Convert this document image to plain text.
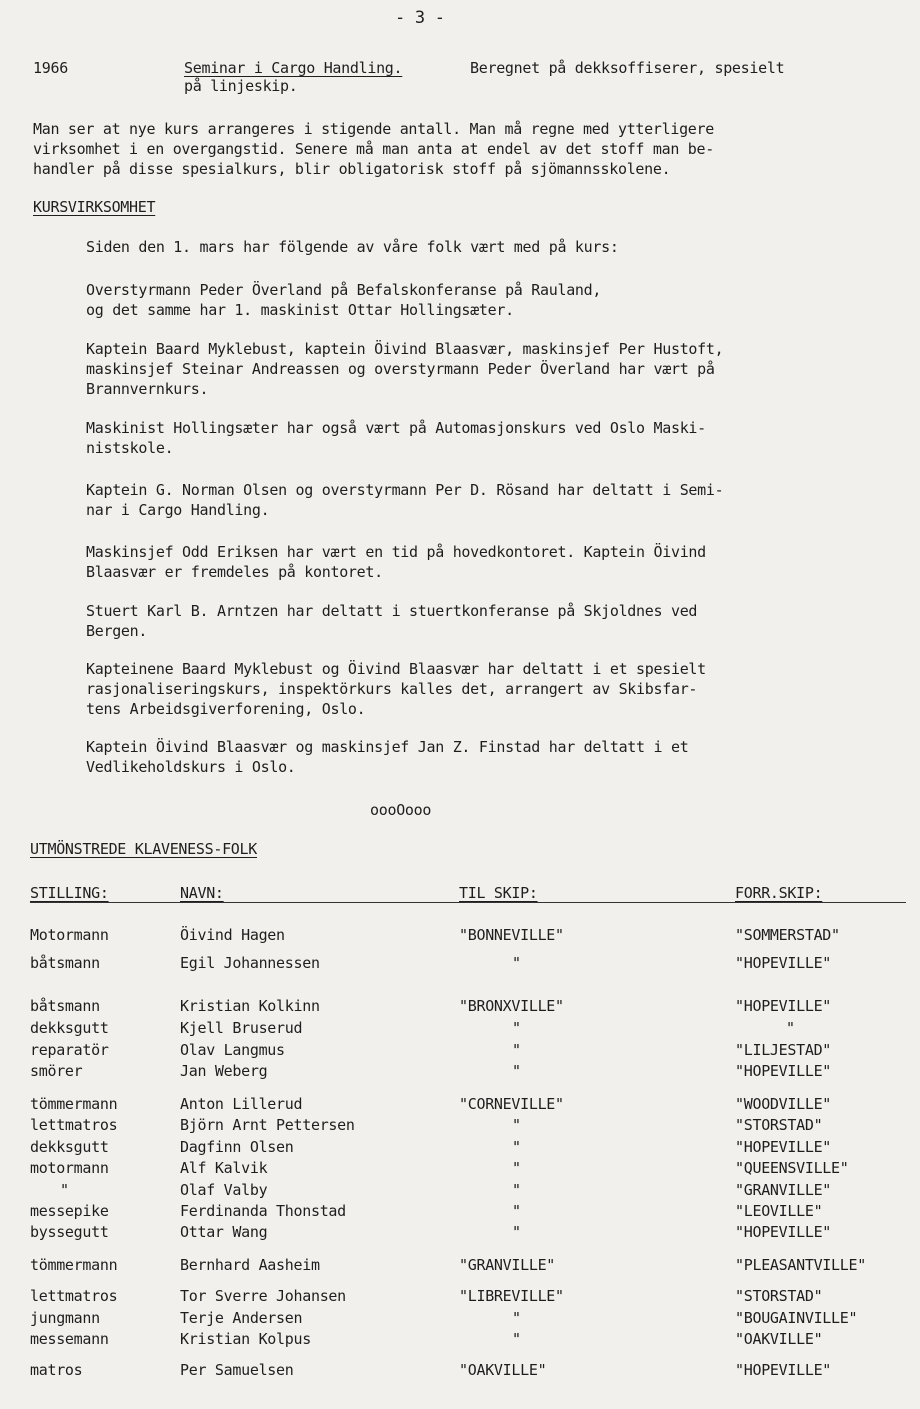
- 3 -
1966	Seminar i Cargo Handling.	Beregnet på dekksoffiserer, spesielt
på linjeskip.
Man ser at nye kurs arrangeres i stigende antall. Man må regne med ytterligere
virksomhet i en overgangstid. Senere må man anta at endel av det stoff man be-
handler på disse spesialkurs, blir obligatorisk stoff på sjömannsskolene.
KURSVIRKSOMHET
Siden den 1. mars har fölgende av våre folk vært med på kurs:
Overstyrmann Peder Överland på Befalskonferanse på Rauland,
og det samme har 1. maskinist Ottar Hollingsæter.
Kaptein Baard Myklebust, kaptein Öivind Blaasvær, maskinsjef Per Hustoft,
maskinsjef Steinar Andreassen og overstyrmann Peder Överland har vært på
Brannvernkurs.
Maskinist Hollingsæter har også vært på Automasjonskurs ved Oslo Maski-
nistskole.
Kaptein G. Norman Olsen og overstyrmann Per D. Rösand har deltatt i Semi-
nar i Cargo Handling.
Maskinsjef Odd Eriksen har vært en tid på hovedkontoret. Kaptein Öivind
Blaasvær er fremdeles på kontoret.
Stuert Karl B. Arntzen har deltatt i stuertkonferanse på Skjoldnes ved
Bergen.
Kapteinene Baard Myklebust og Öivind Blaasvær har deltatt i et spesielt
rasjonaliseringskurs, inspektörkurs kalles det, arrangert av Skibsfar-
tens Arbeidsgiverforening, Oslo.
Kaptein Öivind Blaasvær og maskinsjef Jan Z. Finstad har deltatt i et
Vedlikeholdskurs i Oslo.
oooOooo
UTMÖNSTREDE KLAVENESS-FOLK
STILLING:	NAVN:	TIL SKIP:	FORR.SKIP:
Motormann	Öivind Hagen	"BONNEVILLE"	"SOMMERSTAD"
båtsmann	Egil Johannessen	"	"HOPEVILLE"
båtsmann	Kristian Kolkinn	"BRONXVILLE"	"HOPEVILLE"
dekksgutt	Kjell Bruserud	"	"
reparatör	Olav Langmus	"	"LILJESTAD"
smörer	Jan Weberg	"	"HOPEVILLE"
tömmermann	Anton Lillerud	"CORNEVILLE"	"WOODVILLE"
lettmatros	Björn Arnt Pettersen	"	"STORSTAD"
dekksgutt	Dagfinn Olsen	"	"HOPEVILLE"
motormann	Alf Kalvik	"	"QUEENSVILLE"
"	Olaf Valby	"	"GRANVILLE"
messepike	Ferdinanda Thonstad	"	"LEOVILLE"
byssegutt	Ottar Wang	"	"HOPEVILLE"
tömmermann	Bernhard Aasheim	"GRANVILLE"	"PLEASANTVILLE"
lettmatros	Tor Sverre Johansen	"LIBREVILLE"	"STORSTAD"
jungmann	Terje Andersen	"	"BOUGAINVILLE"
messemann	Kristian Kolpus	"	"OAKVILLE"
matros	Per Samuelsen	"OAKVILLE"	"HOPEVILLE"
